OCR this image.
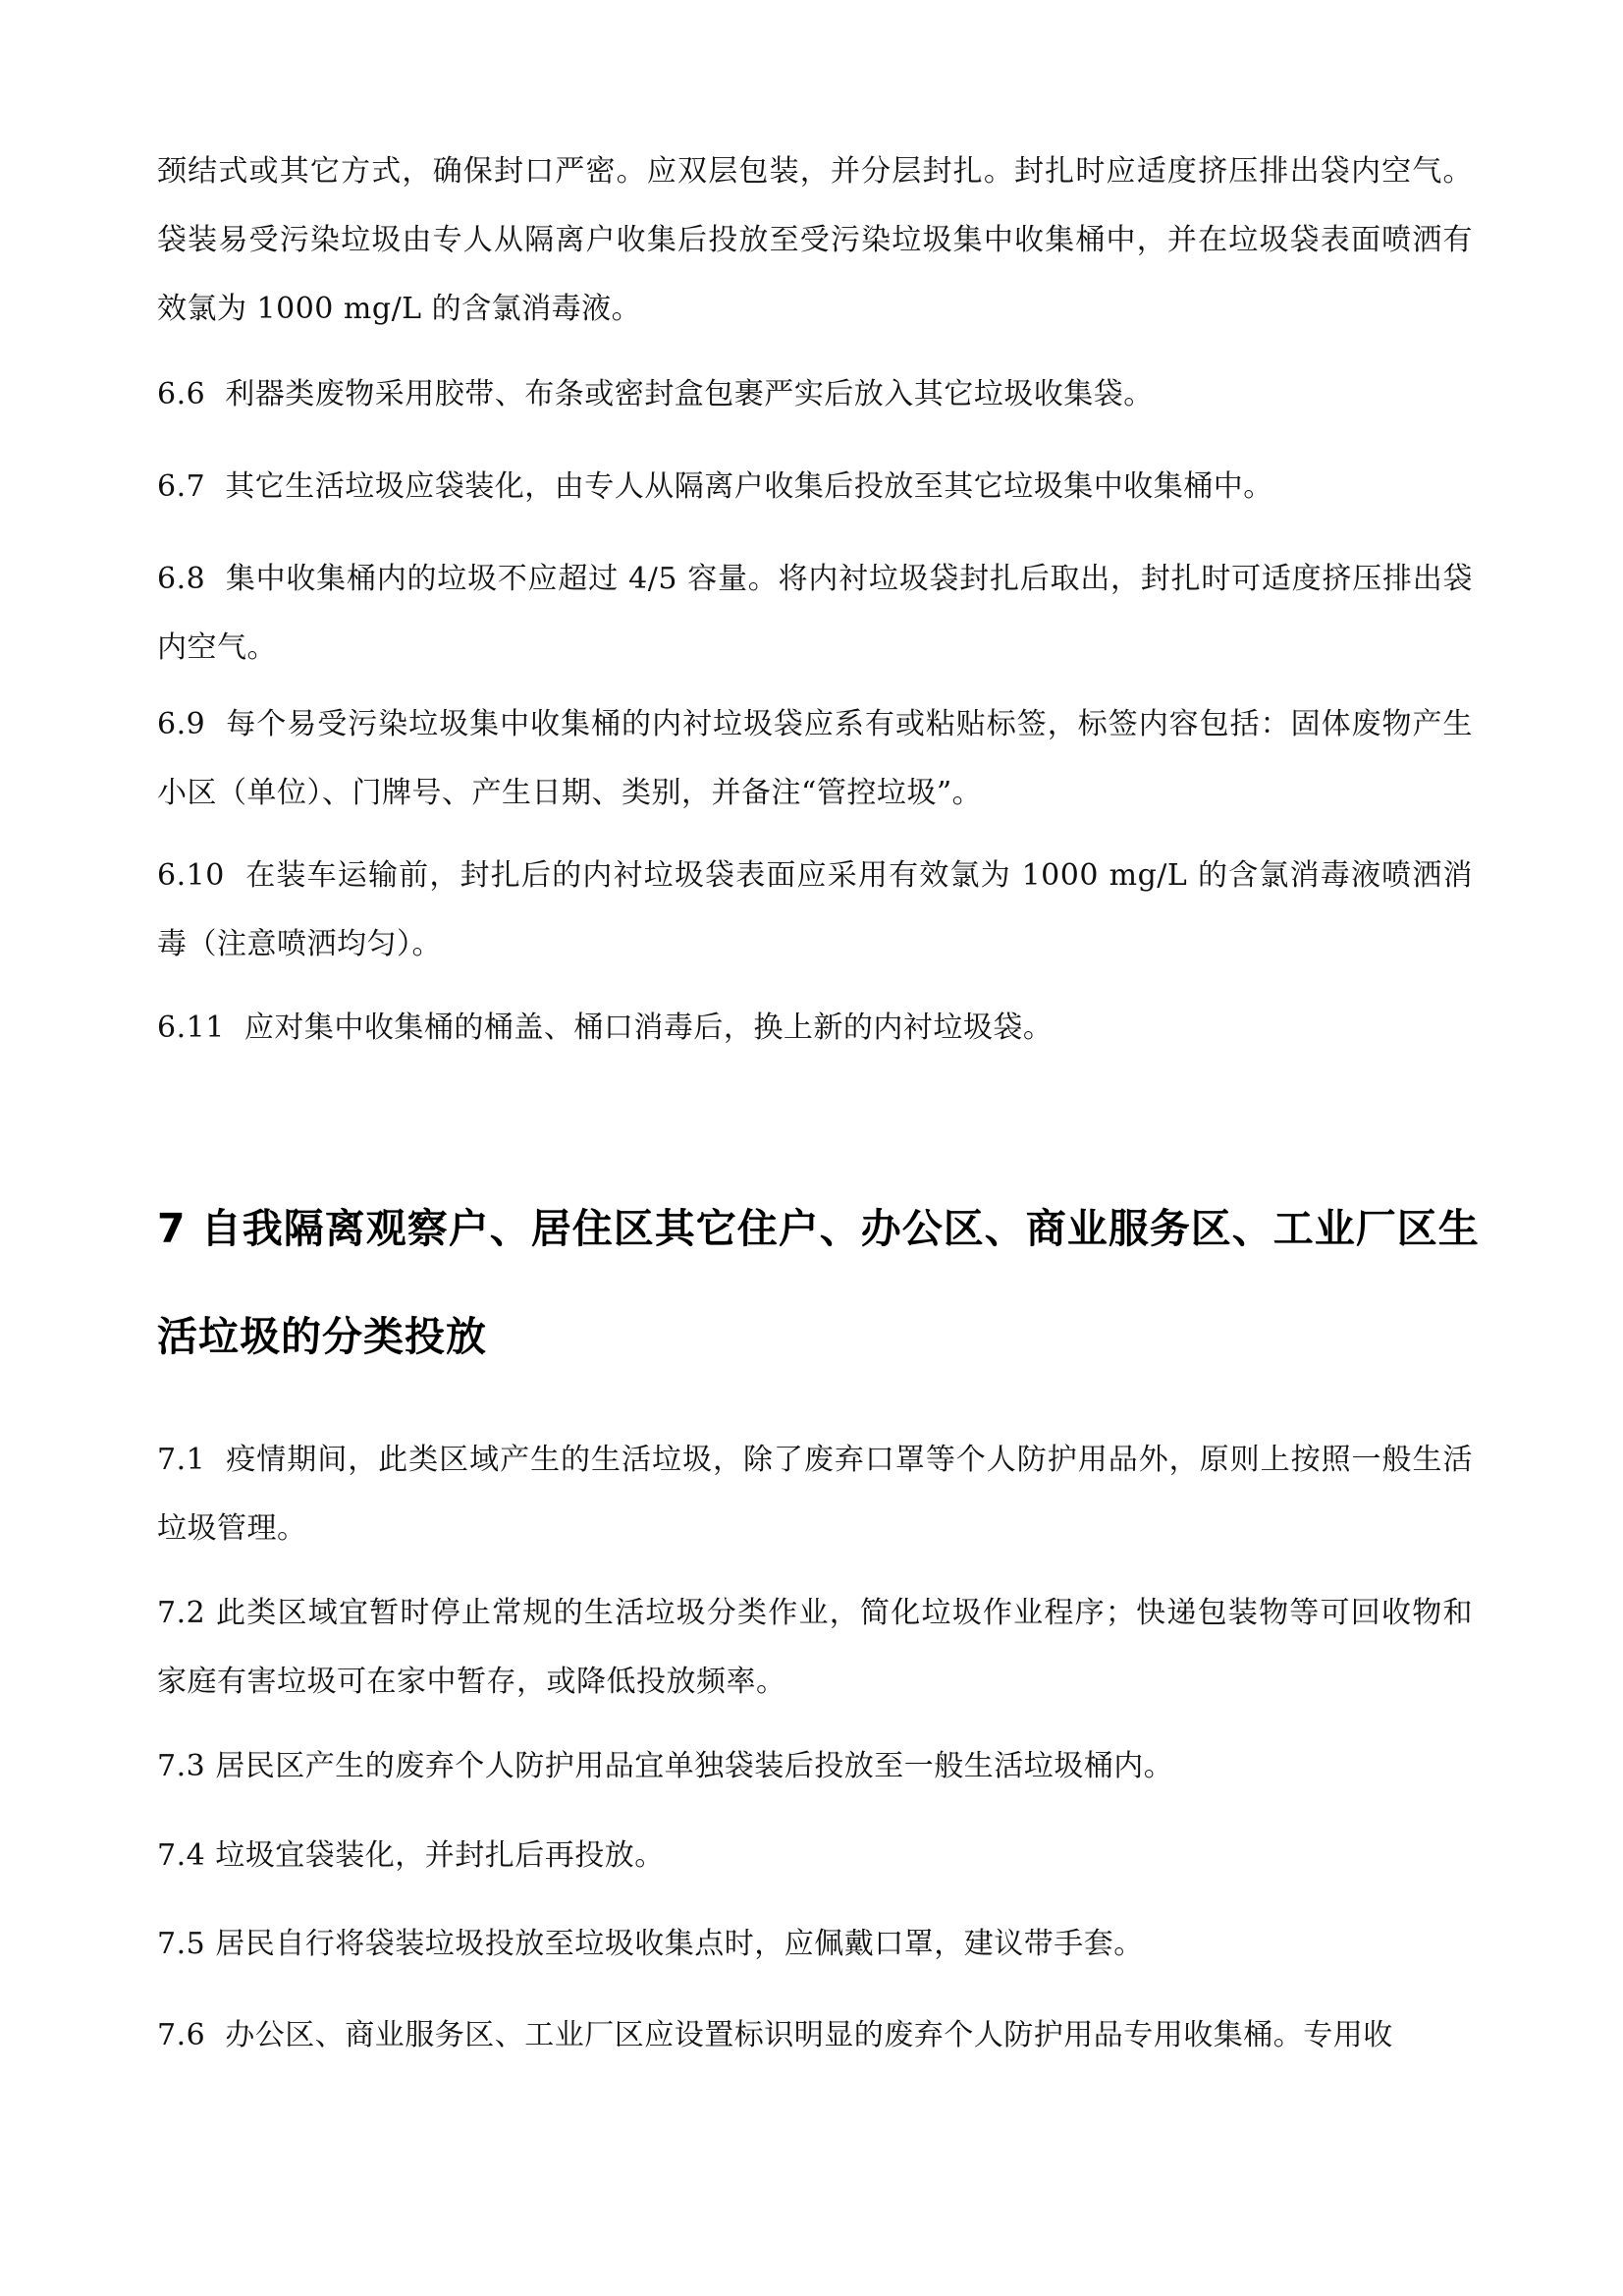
颈结式或其它方式，确保封口严密。应双层包装，并分层封扎。封扎时应适度挤压排出袋内空气。袋装易受污染垃圾由专人从隔离户收集后投放至受污染垃圾集中收集桶中，并在垃圾袋表面喷洒有效氯为 1000 mg/L 的含氯消毒液。

6.6 利器类废物采用胶带、布条或密封盒包裹严实后放入其它垃圾收集袋。

6.7 其它生活垃圾应袋装化，由专人从隔离户收集后投放至其它垃圾集中收集桶中。

6.8 集中收集桶内的垃圾不应超过 4/5 容量。将内衬垃圾袋封扎后取出，封扎时可适度挤压排出袋内空气。

6.9 每个易受污染垃圾集中收集桶的内衬垃圾袋应系有或粘贴标签，标签内容包括：固体废物产生小区（单位）、门牌号、产生日期、类别，并备注“管控垃圾”。

6.10 在装车运输前，封扎后的内衬垃圾袋表面应采用有效氯为 1000 mg/L 的含氯消毒液喷洒消毒（注意喷洒均匀）。

6.11 应对集中收集桶的桶盖、桶口消毒后，换上新的内衬垃圾袋。

7 自我隔离观察户、居住区其它住户、办公区、商业服务区、工业厂区生活垃圾的分类投放

7.1 疫情期间，此类区域产生的生活垃圾，除了废弃口罩等个人防护用品外，原则上按照一般生活垃圾管理。

7.2 此类区域宜暂时停止常规的生活垃圾分类作业，简化垃圾作业程序；快递包装物等可回收物和家庭有害垃圾可在家中暂存，或降低投放频率。

7.3 居民区产生的废弃个人防护用品宜单独袋装后投放至一般生活垃圾桶内。

7.4 垃圾宜袋装化，并封扎后再投放。

7.5 居民自行将袋装垃圾投放至垃圾收集点时，应佩戴口罩，建议带手套。

7.6 办公区、商业服务区、工业厂区应设置标识明显的废弃个人防护用品专用收集桶。专用收
